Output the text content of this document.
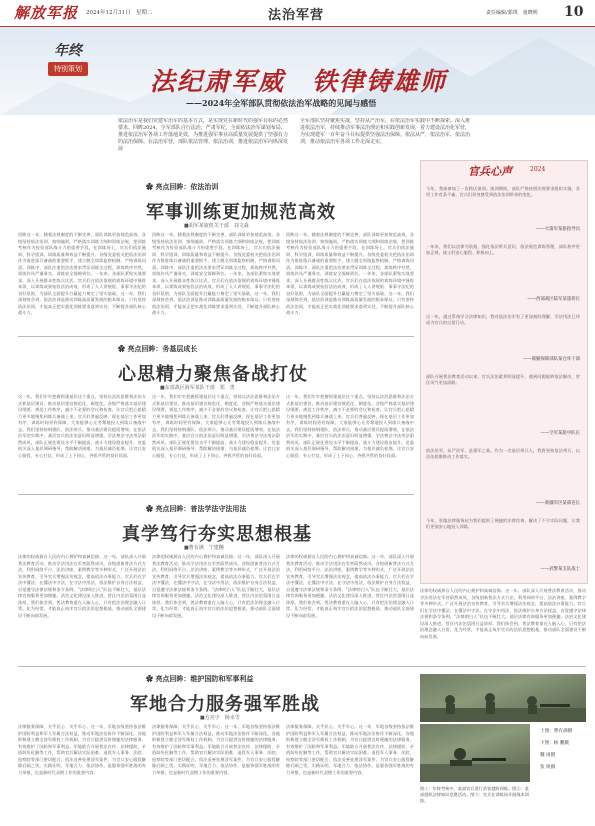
解放军报 2024年12月31日　星期二	法治军营	责任编辑/郭琪　童晓明 10
年终
特别策划	法纪肃军威　铁律铸雄师
——2024年全军部队贯彻依法治军战略的见闻与感悟
依法治军是我们党建军治军的基本方式，是实现党在新时代的强军目标的必然要求。回眸2024，全军部队自行法治，严肃军纪，全面依法治军谋划布局，推进依法治军各项工作落地见效，为推进强军事业高质量发展提供了坚强有力的法治保障。在法治军营，部队依法管理、依法治训，推进依法治军向纵深发展
全军部队坚持聚焦实战，坚持从严治军，在依法治军实践中不断探索。深入推进依法治军，持续推动军事法治理论和实践创新发展，着力建设法治化军营，为实现建军一百年奋斗目标提供坚强法治保障。依法从严，依法治军、依法治训，推动依法治军各项工作走深走实。
✿ 亮点回眸：依法治训
军事训练更加规范高效
■胡军某旅机关干部　刘文淼
回眸这一年，随着法规制度的不断完善，部队训练更加规范高效。各级坚持依法治训、按纲施训，严格落实训练大纲和训练法规，把训练考核作为检验部队战斗力的重要手段。在训练场上，官兵们依法施训、科学组训，训练质量和效益不断提升。各级党委机关把依法治训作为推进练兵备战的重要抓手，建立健全训练监察机制，严格训练问责。训练中，部队注重把法治要求贯穿训练全过程，训练秩序井然，训练作风严谨务实，训练安全保障到位。一年来，各部队紧贴实战要求，深入开展群众性练兵比武，官兵们在依法依规的训练环境中锤炼本领，以训练成果检验法治成效，形成了人人讲规矩、事事守法纪的良好氛围，为部队全面提升打赢能力奠定了坚实基础。这一年，我们深刻体会到，依法治训是推动训练高质量发展的根本保证，只有坚持依法治训，才能真正把实战化训练要求落到实处，不断提升部队核心战斗力。
回眸这一年，随着法规制度的不断完善，部队训练更加规范高效。各级坚持依法治训、按纲施训，严格落实训练大纲和训练法规，把训练考核作为检验部队战斗力的重要手段。在训练场上，官兵们依法施训、科学组训，训练质量和效益不断提升。各级党委机关把依法治训作为推进练兵备战的重要抓手，建立健全训练监察机制，严格训练问责。训练中，部队注重把法治要求贯穿训练全过程，训练秩序井然，训练作风严谨务实，训练安全保障到位。一年来，各部队紧贴实战要求，深入开展群众性练兵比武，官兵们在依法依规的训练环境中锤炼本领，以训练成果检验法治成效，形成了人人讲规矩、事事守法纪的良好氛围，为部队全面提升打赢能力奠定了坚实基础。这一年，我们深刻体会到，依法治训是推动训练高质量发展的根本保证，只有坚持依法治训，才能真正把实战化训练要求落到实处，不断提升部队核心战斗力。
回眸这一年，随着法规制度的不断完善，部队训练更加规范高效。各级坚持依法治训、按纲施训，严格落实训练大纲和训练法规，把训练考核作为检验部队战斗力的重要手段。在训练场上，官兵们依法施训、科学组训，训练质量和效益不断提升。各级党委机关把依法治训作为推进练兵备战的重要抓手，建立健全训练监察机制，严格训练问责。训练中，部队注重把法治要求贯穿训练全过程，训练秩序井然，训练作风严谨务实，训练安全保障到位。一年来，各部队紧贴实战要求，深入开展群众性练兵比武，官兵们在依法依规的训练环境中锤炼本领，以训练成果检验法治成效，形成了人人讲规矩、事事守法纪的良好氛围，为部队全面提升打赢能力奠定了坚实基础。这一年，我们深刻体会到，依法治训是推动训练高质量发展的根本保证，只有坚持依法治训，才能真正把实战化训练要求落到实处，不断提升部队核心战斗力。
✿ 亮点回眸：务基层成长
心思精力聚焦备战打仗
■东部战区海军某队干部　郑　勇
这一年，我们牢牢把握抓建基层这个重点，坚持以法治思维和法治方式抓基层建设，推动基层建设规范化、制度化。各级严格落实基层建设纲要，规范工作秩序，减少不必要的会议和检查，让官兵把心思精力更多地聚焦到练兵备战上来。官兵们普遍反映，现在基层工作更加有序，训练时间更有保障，大家能够心无旁骛地投入到练兵备战中去。我们坚持按纲建队、依法带兵，推动基层建设提质增效。在依法治军的实践中，基层官兵的法治意识明显增强，学法尊法守法用法蔚然成风，部队正规化建设水平不断提高，战斗力建设稳步提升。党委机关深入基层调研指导，帮助解决困难，为基层减负松绑，让官兵安心服役、专心打仗，形成了上下同心、齐抓共管的良好局面。
这一年，我们牢牢把握抓建基层这个重点，坚持以法治思维和法治方式抓基层建设，推动基层建设规范化、制度化。各级严格落实基层建设纲要，规范工作秩序，减少不必要的会议和检查，让官兵把心思精力更多地聚焦到练兵备战上来。官兵们普遍反映，现在基层工作更加有序，训练时间更有保障，大家能够心无旁骛地投入到练兵备战中去。我们坚持按纲建队、依法带兵，推动基层建设提质增效。在依法治军的实践中，基层官兵的法治意识明显增强，学法尊法守法用法蔚然成风，部队正规化建设水平不断提高，战斗力建设稳步提升。党委机关深入基层调研指导，帮助解决困难，为基层减负松绑，让官兵安心服役、专心打仗，形成了上下同心、齐抓共管的良好局面。
这一年，我们牢牢把握抓建基层这个重点，坚持以法治思维和法治方式抓基层建设，推动基层建设规范化、制度化。各级严格落实基层建设纲要，规范工作秩序，减少不必要的会议和检查，让官兵把心思精力更多地聚焦到练兵备战上来。官兵们普遍反映，现在基层工作更加有序，训练时间更有保障，大家能够心无旁骛地投入到练兵备战中去。我们坚持按纲建队、依法带兵，推动基层建设提质增效。在依法治军的实践中，基层官兵的法治意识明显增强，学法尊法守法用法蔚然成风，部队正规化建设水平不断提高，战斗力建设稳步提升。党委机关深入基层调研指导，帮助解决困难，为基层减负松绑，让官兵安心服役、专心打仗，形成了上下同心、齐抓共管的良好局面。
✿ 亮点回眸：普法学法守法用法
真学笃行夯实思想根基
■曹有满　宁建穗
法律的权威源自人民的内心拥护和真诚信仰。这一年，部队深入开展普法教育活动，推动学法用法在军营蔚然成风。各级创新普法方式方法，利用网络平台、法治讲座、案例教学等多种形式，广泛开展法治宣传教育，引导官兵增强法治观念，提高依法办事能力。官兵们在学法中懂法，在懂法中守法，在守法中用法，依法维护自身合法权益，自觉遵守法律法规和条令条例。“法律明白人”队伍不断壮大，基层法律咨询服务更加便捷。法治文化建设深入推进，营区内法治氛围日益浓厚。我们体会到，普法教育重在入脑入心，只有把法治理念融入日常、化为经常，才能真正筑牢官兵的法治思想根基，推动部队全面建设不断向前发展。
法律的权威源自人民的内心拥护和真诚信仰。这一年，部队深入开展普法教育活动，推动学法用法在军营蔚然成风。各级创新普法方式方法，利用网络平台、法治讲座、案例教学等多种形式，广泛开展法治宣传教育，引导官兵增强法治观念，提高依法办事能力。官兵们在学法中懂法，在懂法中守法，在守法中用法，依法维护自身合法权益，自觉遵守法律法规和条令条例。“法律明白人”队伍不断壮大，基层法律咨询服务更加便捷。法治文化建设深入推进，营区内法治氛围日益浓厚。我们体会到，普法教育重在入脑入心，只有把法治理念融入日常、化为经常，才能真正筑牢官兵的法治思想根基，推动部队全面建设不断向前发展。
法律的权威源自人民的内心拥护和真诚信仰。这一年，部队深入开展普法教育活动，推动学法用法在军营蔚然成风。各级创新普法方式方法，利用网络平台、法治讲座、案例教学等多种形式，广泛开展法治宣传教育，引导官兵增强法治观念，提高依法办事能力。官兵们在学法中懂法，在懂法中守法，在守法中用法，依法维护自身合法权益，自觉遵守法律法规和条令条例。“法律明白人”队伍不断壮大，基层法律咨询服务更加便捷。法治文化建设深入推进，营区内法治氛围日益浓厚。我们体会到，普法教育重在入脑入心，只有把法治理念融入日常、化为经常，才能真正筑牢官兵的法治思想根基，推动部队全面建设不断向前发展。
法律的权威源自人民的内心拥护和真诚信仰。这一年，部队深入开展普法教育活动，推动学法用法在军营蔚然成风。各级创新普法方式方法，利用网络平台、法治讲座、案例教学等多种形式，广泛开展法治宣传教育，引导官兵增强法治观念，提高依法办事能力。官兵们在学法中懂法，在懂法中守法，在守法中用法，依法维护自身合法权益，自觉遵守法律法规和条令条例。“法律明白人”队伍不断壮大，基层法律咨询服务更加便捷。法治文化建设深入推进，营区内法治氛围日益浓厚。我们体会到，普法教育重在入脑入心，只有把法治理念融入日常、化为经常，才能真正筑牢官兵的法治思想根基，推动部队全面建设不断向前发展。
✿ 亮点回眸：维护国防和军事利益
军地合力服务强军胜战
■方亮宇　杨水雪
法律服务保障，关乎民心、关乎军心。这一年，军地各级坚持依法维护国防利益和军人军属合法权益，推动军地法治协作不断深化。各地积极建立健全涉军维权工作机制，为官兵提供及时便捷的法律服务，有效维护了国防和军事利益。军地联合开展普法宣传、法律援助、矛盾纠纷化解等工作，帮助官兵解决实际困难。退役军人事务、法院、检察院等部门密切配合，依法妥善处理涉军案件，为官兵安心服役解除后顾之忧。实践证明，军地合力、依法协作，是服务强军胜战的有力举措，也是新时代双拥工作的重要内容。
法律服务保障，关乎民心、关乎军心。这一年，军地各级坚持依法维护国防利益和军人军属合法权益，推动军地法治协作不断深化。各地积极建立健全涉军维权工作机制，为官兵提供及时便捷的法律服务，有效维护了国防和军事利益。军地联合开展普法宣传、法律援助、矛盾纠纷化解等工作，帮助官兵解决实际困难。退役军人事务、法院、检察院等部门密切配合，依法妥善处理涉军案件，为官兵安心服役解除后顾之忧。实践证明，军地合力、依法协作，是服务强军胜战的有力举措，也是新时代双拥工作的重要内容。
法律服务保障，关乎民心、关乎军心。这一年，军地各级坚持依法维护国防利益和军人军属合法权益，推动军地法治协作不断深化。各地积极建立健全涉军维权工作机制，为官兵提供及时便捷的法律服务，有效维护了国防和军事利益。军地联合开展普法宣传、法律援助、矛盾纠纷化解等工作，帮助官兵解决实际困难。退役军人事务、法院、检察院等部门密切配合，依法妥善处理涉军案件，为官兵安心服役解除后顾之忧。实践证明，军地合力、依法协作，是服务强军胜战的有力举措，也是新时代双拥工作的重要内容。
官兵心声	2024
今年，我部参加了一次跨区演训。演训期间，部队严格按照法规要求组织实施，各项工作有条不紊，官兵们切身感受到依法治训带来的变化。
——火箭军某旅指导员
一年来，我们以法律为依据，强化依法带兵意识，依法规范训练管理，部队秩序更加正规，战士们安心服役、积极向上。
——西部战区陆军某旅班长
这一年，通过系统学习法律知识，我对依法治军有了更深刻的理解，学法用法已经成为官兵的自觉行动。
——联勤保障部队某仓库干部
部队开展普法教育活动以来，官兵法治素养明显提升，遇到问题能够依法解决，营区风气更加清朗。
——空军某旅中队长
依法治军，从严治军，是强军之基。作为一名基层带兵人，我将坚持依法带兵，以法治思维推动工作落实。
——新疆军区某部连长
今年，驻地法律服务站为我们提供了便捷的法律咨询，解决了不少实际问题，让我们更加安心地投入训练。
——武警某支队战士
图①：年终考核中，某部官兵进行武装越野训练。图②：某部组织法律知识竞赛活动。图③：官兵在训练场开展战术训练。
上图：曹有满摄
下图：杨 鹏摄
魏 岗摄
张 锐摄
